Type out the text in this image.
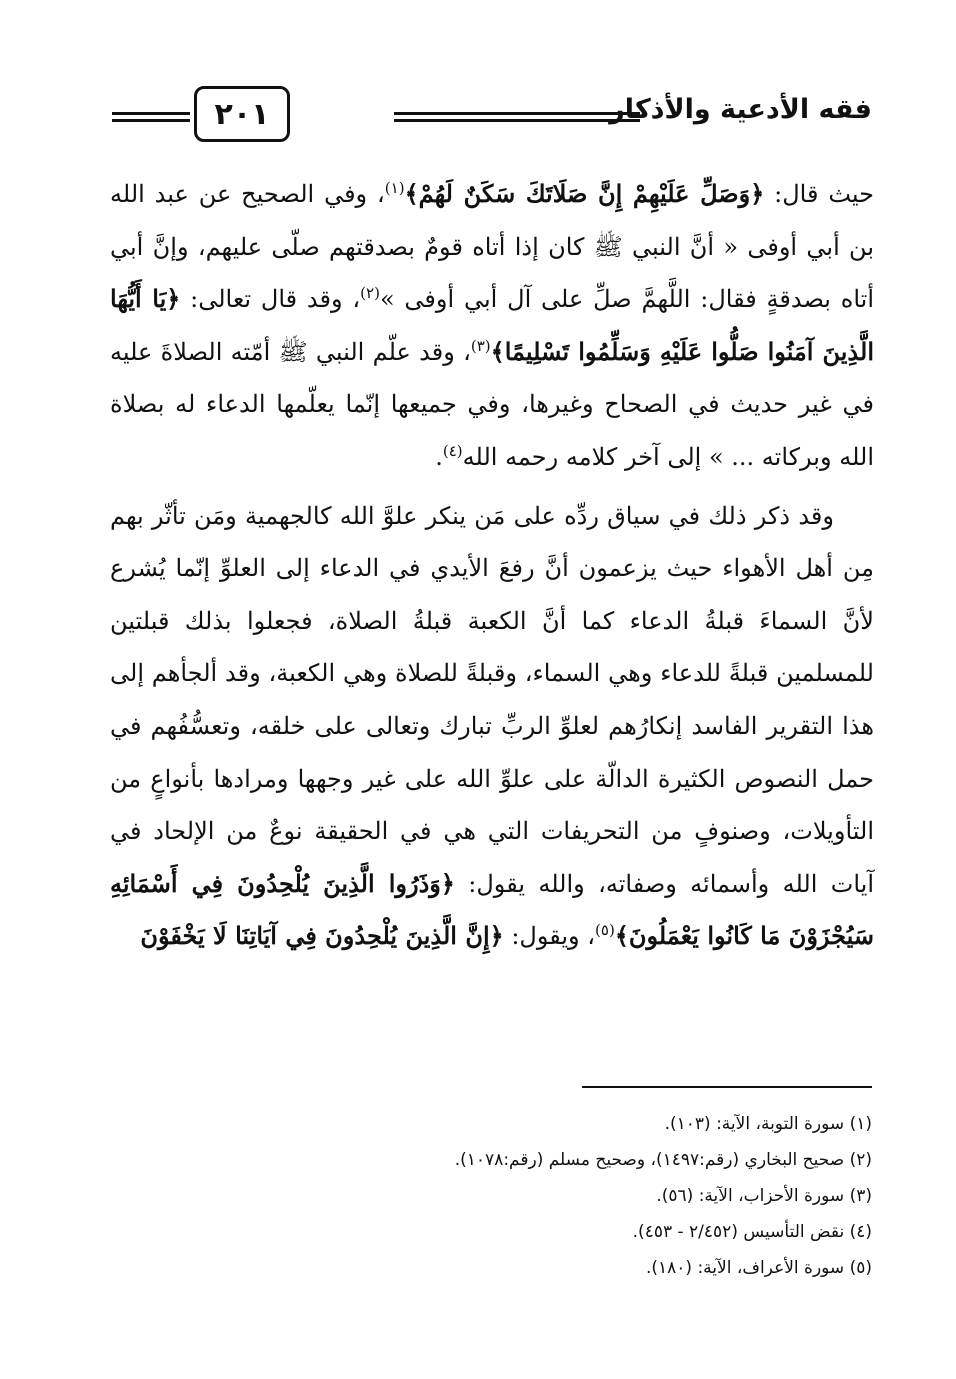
فقه الأدعية والأذكار
٢٠١

حيث قال: ﴿وَصَلِّ عَلَيْهِمْ إِنَّ صَلَاتَكَ سَكَنٌ لَهُمْ﴾$^{(١)}$، وفي الصحيح عن عبد الله بن أبي أوفى « أنَّ النبي ﷺ كان إذا أتاه قومٌ بصدقتهم صلّى عليهم، وإنَّ أبي أتاه بصدقةٍ فقال: اللَّهمَّ صلِّ على آل أبي أوفى »$^{(٢)}$، وقد قال تعالى: ﴿يَا أَيُّهَا الَّذِينَ آمَنُوا صَلُّوا عَلَيْهِ وَسَلِّمُوا تَسْلِيمًا﴾$^{(٣)}$، وقد علّم النبي ﷺ أمّته الصلاةَ عليه في غير حديث في الصحاح وغيرها، وفي جميعها إنّما يعلّمها الدعاء له بصلاة الله وبركاته ... » إلى آخر كلامه رحمه الله$^{(٤)}$.

وقد ذكر ذلك في سياق ردِّه على مَن ينكر علوَّ الله كالجهمية ومَن تأثّر بهم مِن أهل الأهواء حيث يزعمون أنَّ رفعَ الأيدي في الدعاء إلى العلوِّ إنّما يُشرع لأنَّ السماءَ قبلةُ الدعاء كما أنَّ الكعبة قبلةُ الصلاة، فجعلوا بذلك قبلتين للمسلمين قبلةً للدعاء وهي السماء، وقبلةً للصلاة وهي الكعبة، وقد ألجأهم إلى هذا التقرير الفاسد إنكارُهم لعلوِّ الربِّ تبارك وتعالى على خلقه، وتعسُّفُهم في حمل النصوص الكثيرة الدالّة على علوِّ الله على غير وجهها ومرادها بأنواعٍ من التأويلات، وصنوفٍ من التحريفات التي هي في الحقيقة نوعٌ من الإلحاد في آيات الله وأسمائه وصفاته، والله يقول: ﴿وَذَرُوا الَّذِينَ يُلْحِدُونَ فِي أَسْمَائِهِ سَيُجْزَوْنَ مَا كَانُوا يَعْمَلُونَ﴾$^{(٥)}$، ويقول: ﴿إِنَّ الَّذِينَ يُلْحِدُونَ فِي آيَاتِنَا لَا يَخْفَوْنَ

(١) سورة التوبة، الآية: (١٠٣).
(٢) صحيح البخاري (رقم:١٤٩٧)، وصحيح مسلم (رقم:١٠٧٨).
(٣) سورة الأحزاب، الآية: (٥٦).
(٤) نقض التأسيس (٢/٤٥٢ - ٤٥٣).
(٥) سورة الأعراف، الآية: (١٨٠).
